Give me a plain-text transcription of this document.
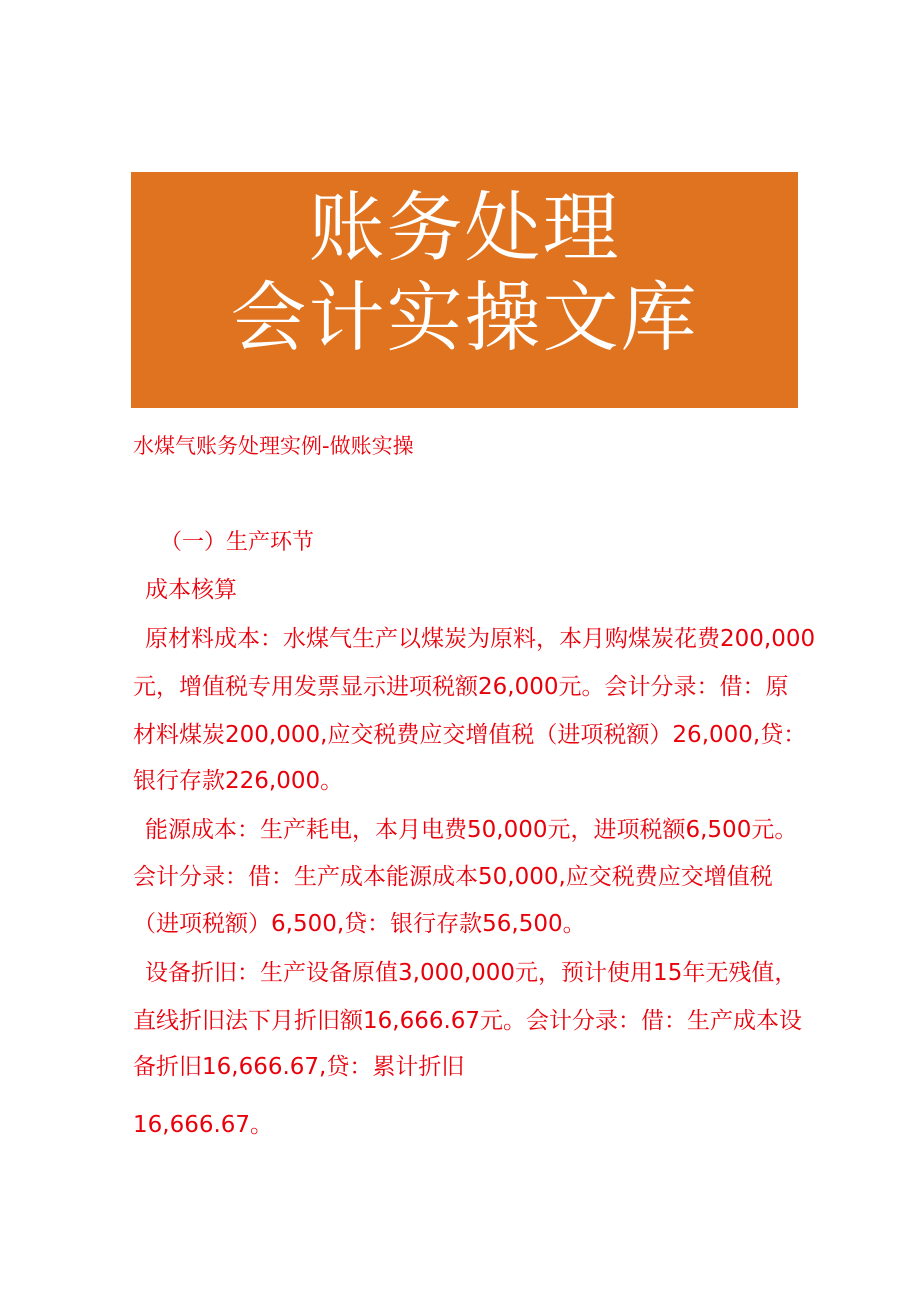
账务处理
会计实操文库
水煤气账务处理实例-做账实操
（一）生产环节
成本核算
原材料成本：水煤气生产以煤炭为原料，本月购煤炭花费200,000
元，增值税专用发票显示进项税额26,000元。会计分录：借：原
材料煤炭200,000,应交税费应交增值税（进项税额）26,000,贷：
银行存款226,000。
能源成本：生产耗电，本月电费50,000元，进项税额6,500元。
会计分录：借：生产成本能源成本50,000,应交税费应交增值税
（进项税额）6,500,贷：银行存款56,500。
设备折旧：生产设备原值3,000,000元，预计使用15年无残值，
直线折旧法下月折旧额16,666.67元。会计分录：借：生产成本设
备折旧16,666.67,贷：累计折旧
16,666.67。
